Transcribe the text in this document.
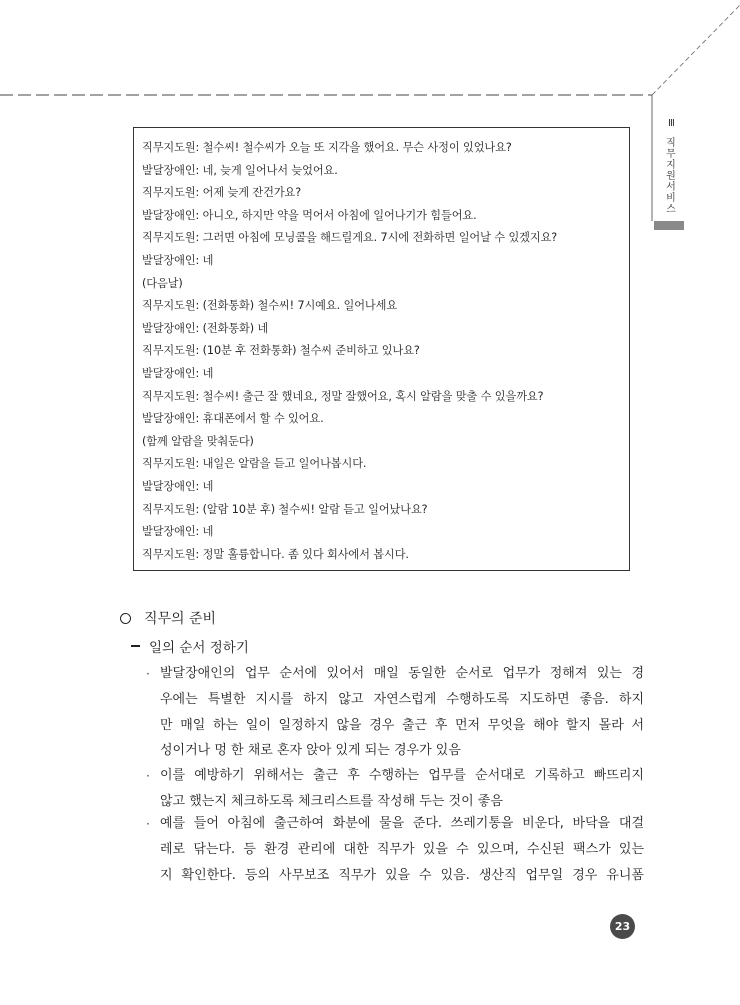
Ⅲ
직
무
지
원
서
비
스
직무지도원: 철수씨! 철수씨가 오늘 또 지각을 했어요. 무슨 사정이 있었나요?
발달장애인: 네, 늦게 일어나서 늦었어요.
직무지도원: 어제 늦게 잔건가요?
발달장애인: 아니오, 하지만 약을 먹어서 아침에 일어나기가 힘들어요.
직무지도원: 그러면 아침에 모닝콜을 해드릴게요. 7시에 전화하면 일어날 수 있겠지요?
발달장애인: 네
(다음날)
직무지도원: (전화통화) 철수씨! 7시예요. 일어나세요
발달장애인: (전화통화) 네
직무지도원: (10분 후 전화통화) 철수씨 준비하고 있나요?
발달장애인: 네
직무지도원: 철수씨! 출근 잘 했네요, 정말 잘했어요, 혹시 알람을 맞출 수 있을까요?
발달장애인: 휴대폰에서 할 수 있어요.
(함께 알람을 맞춰둔다)
직무지도원: 내일은 알람을 듣고 일어나봅시다.
발달장애인: 네
직무지도원: (알람 10분 후) 철수씨! 알람 듣고 일어났나요?
발달장애인: 네
직무지도원: 정말 훌륭합니다. 좀 있다 회사에서 봅시다.
직무의 준비
일의 순서 정하기
· 발달장애인의 업무 순서에 있어서 매일 동일한 순서로 업무가 정해져 있는 경
우에는 특별한 지시를 하지 않고 자연스럽게 수행하도록 지도하면 좋음. 하지
만 매일 하는 일이 일정하지 않을 경우 출근 후 먼저 무엇을 해야 할지 몰라 서
성이거나 멍 한 채로 혼자 앉아 있게 되는 경우가 있음
· 이를 예방하기 위해서는 출근 후 수행하는 업무를 순서대로 기록하고 빠뜨리지
않고 했는지 체크하도록 체크리스트를 작성해 두는 것이 좋음
· 예를 들어 아침에 출근하여 화분에 물을 준다. 쓰레기통을 비운다, 바닥을 대걸
레로 닦는다. 등 환경 관리에 대한 직무가 있을 수 있으며, 수신된 팩스가 있는
지 확인한다. 등의 사무보조 직무가 있을 수 있음. 생산직 업무일 경우 유니폼
23
